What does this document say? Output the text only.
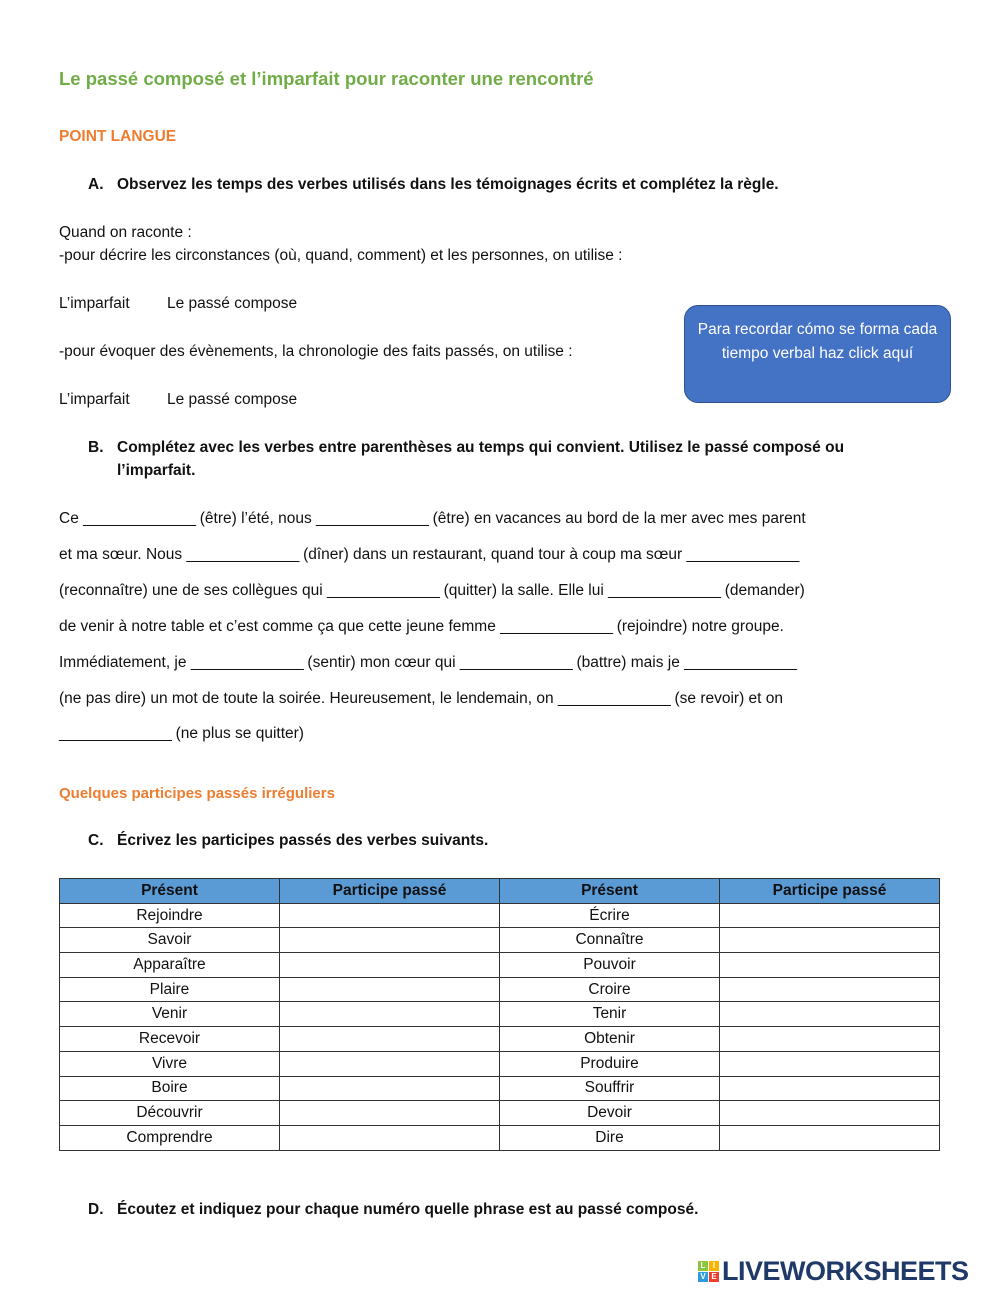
Le passé composé et l’imparfait pour raconter une rencontré
POINT LANGUE
A. Observez les temps des verbes utilisés dans les témoignages écrits et complétez la règle.
Quand on raconte :
-pour décrire les circonstances (où, quand, comment) et les personnes, on utilise :
L’imparfait Le passé compose
-pour évoquer des évènements, la chronologie des faits passés, on utilise :
L’imparfait Le passé compose
Para recordar cómo se forma cada tiempo verbal haz click aquí
B. Complétez avec les verbes entre parenthèses au temps qui convient. Utilisez le passé composé ou
l’imparfait.
Ce ______________ (être) l’été, nous ______________ (être) en vacances au bord de la mer avec mes parent
et ma sœur. Nous ______________ (dîner) dans un restaurant, quand tour à coup ma sœur ______________
(reconnaître) une de ses collègues qui ______________ (quitter) la salle. Elle lui ______________ (demander)
de venir à notre table et c’est comme ça que cette jeune femme ______________ (rejoindre) notre groupe.
Immédiatement, je ______________ (sentir) mon cœur qui ______________ (battre) mais je ______________
(ne pas dire) un mot de toute la soirée. Heureusement, le lendemain, on ______________ (se revoir) et on
______________ (ne plus se quitter)
Quelques participes passés irréguliers
C. Écrivez les participes passés des verbes suivants.
Présent	Participe passé	Présent	Participe passé
Rejoindre		Écrire	
Savoir		Connaître	
Apparaître		Pouvoir	
Plaire		Croire	
Venir		Tenir	
Recevoir		Obtenir	
Vivre		Produire	
Boire		Souffrir	
Découvrir		Devoir	
Comprendre		Dire	
D. Écoutez et indiquez pour chaque numéro quelle phrase est au passé composé.
L I
V E LIVEWORKSHEETS
